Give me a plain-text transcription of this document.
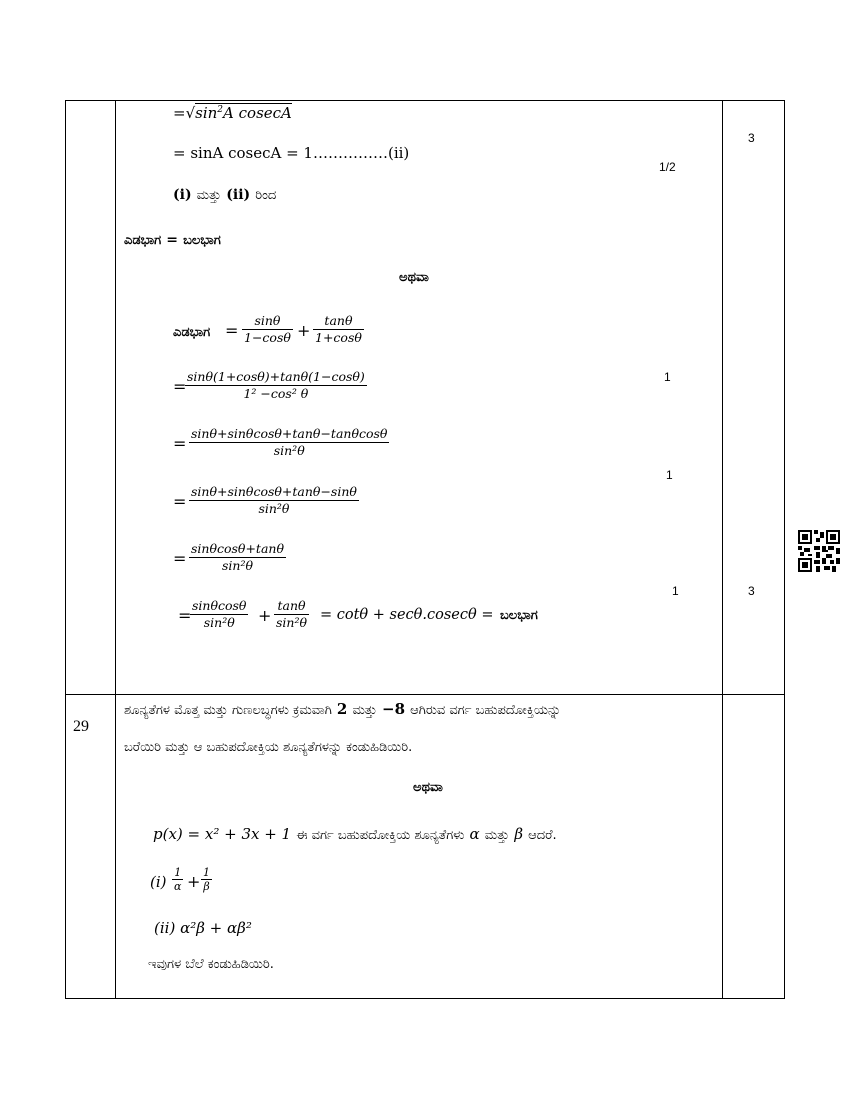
$=√\sin^2A$ cosecA
= sinA cosecA = 1……………(ii)
(i) ಮತ್ತು (ii) ರಿಂದ
ಎಡಭಾಗ = ಬಲಭಾಗ
ಅಥವಾ
ಎಡಭಾಗ = $\frac{\sin\theta}{1-\cos\theta} + \frac{\tan\theta}{1+\cos\theta}$
=
$\frac{\sin\theta(1+\cos\theta)+\tan\theta(1-\cos\theta)}{\text{1² −cos² θ}}$
= $\frac{\sin\theta+\sin\theta\cos\theta+\tan\theta-\tan\theta\cos\theta}{\text{sin²θ}}$
= $\frac{\sin\theta+\sin\theta\cos\theta+\tan\theta-\sin\theta}{\text{sin²θ}}$
= $\frac{\sin\theta\cos\theta+\tan\theta}{\text{sin²θ}}$
=
$\frac{\sin\theta\cos\theta}{\text{sin²θ}} + \frac{\tan\theta}{\text{sin²θ}} = \cot\theta + \sec\theta.cosec\theta$ = ಬಲಭಾಗ
1/2
1
1
1
3
3
29
ಶೂನ್ಯತೆಗಳ ಮೊತ್ತ ಮತ್ತು ಗುಣಲಬ್ಧಗಳು ಕ್ರಮವಾಗಿ 2 ಮತ್ತು −8 ಆಗಿರುವ ವರ್ಗ ಬಹುಪದೋಕ್ತಿಯನ್ನು
ಬರೆಯಿರಿ ಮತ್ತು ಆ ಬಹುಪದೋಕ್ತಿಯ ಶೂನ್ಯತೆಗಳನ್ನು ಕಂಡುಹಿಡಿಯಿರಿ.
ಅಥವಾ
p(x) = x² + 3x + 1 ಈ ವರ್ಗ ಬಹುಪದೋಕ್ತಿಯ ಶೂನ್ಯತೆಗಳು α ಮತ್ತು β ಆದರೆ.
$(i) \frac{1}{\alpha} + \frac{1}{\beta}$
(ii) α²β + αβ²
ಇವುಗಳ ಬೆಲೆ ಕಂಡುಹಿಡಿಯಿರಿ.
